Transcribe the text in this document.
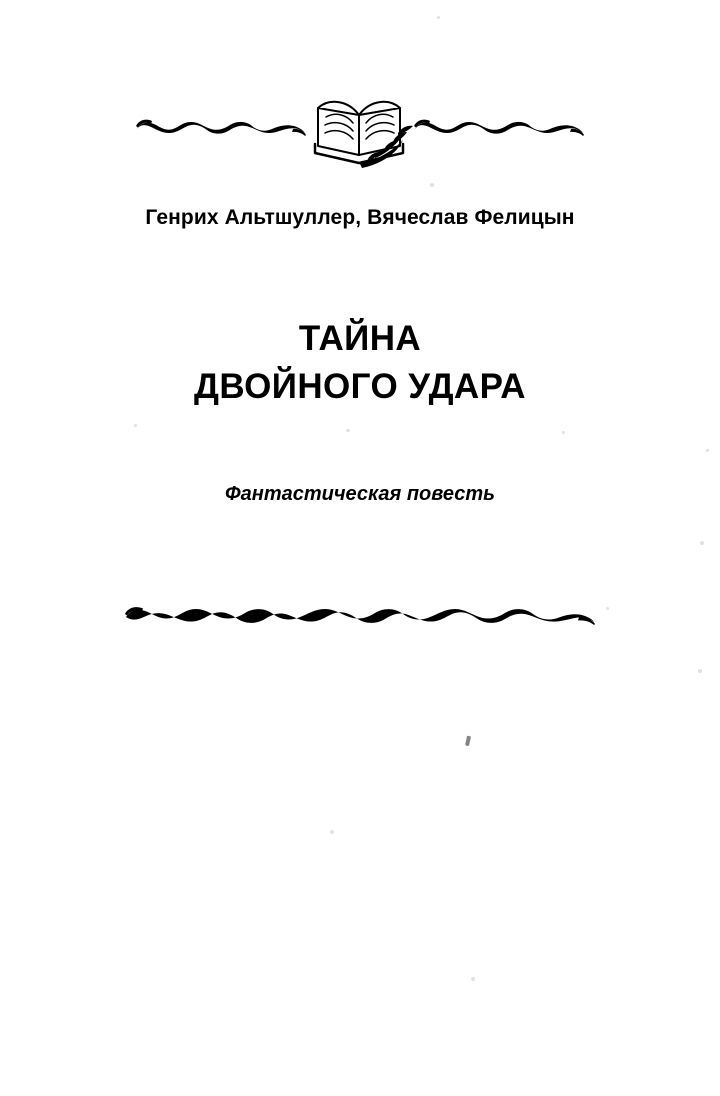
Генрих Альтшуллер, Вячеслав Фелицын
ТАЙНА
ДВОЙНОГО УДАРА
Фантастическая повесть
